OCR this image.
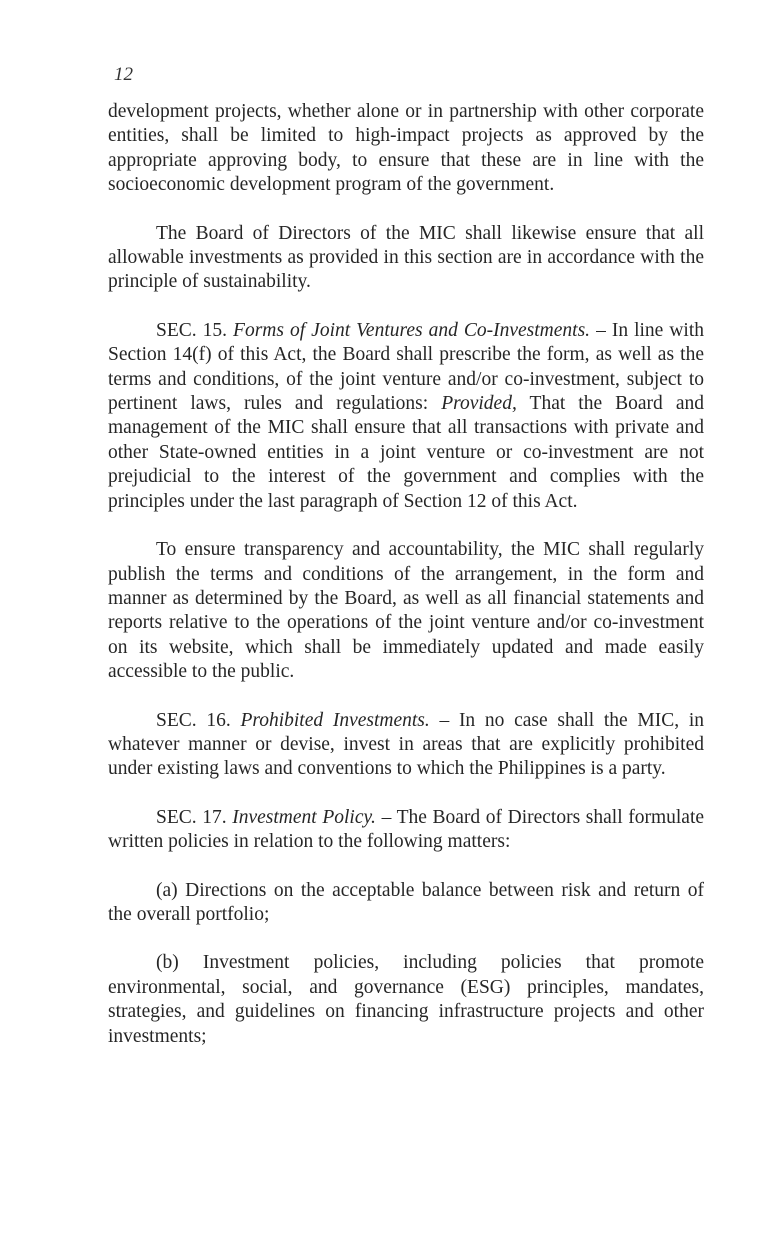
12

development projects, whether alone or in partnership with other corporate entities, shall be limited to high-impact projects as approved by the appropriate approving body, to ensure that these are in line with the socioeconomic development program of the government.

The Board of Directors of the MIC shall likewise ensure that all allowable investments as provided in this section are in accordance with the principle of sustainability.

SEC. 15. Forms of Joint Ventures and Co-Investments. – In line with Section 14(f) of this Act, the Board shall prescribe the form, as well as the terms and conditions, of the joint venture and/or co-investment, subject to pertinent laws, rules and regulations: Provided, That the Board and management of the MIC shall ensure that all transactions with private and other State-owned entities in a joint venture or co-investment are not prejudicial to the interest of the government and complies with the principles under the last paragraph of Section 12 of this Act.

To ensure transparency and accountability, the MIC shall regularly publish the terms and conditions of the arrangement, in the form and manner as determined by the Board, as well as all financial statements and reports relative to the operations of the joint venture and/or co-investment on its website, which shall be immediately updated and made easily accessible to the public.

SEC. 16. Prohibited Investments. – In no case shall the MIC, in whatever manner or devise, invest in areas that are explicitly prohibited under existing laws and conventions to which the Philippines is a party.

SEC. 17. Investment Policy. – The Board of Directors shall formulate written policies in relation to the following matters:

(a) Directions on the acceptable balance between risk and return of the overall portfolio;

(b) Investment policies, including policies that promote environmental, social, and governance (ESG) principles, mandates, strategies, and guidelines on financing infrastructure projects and other investments;
